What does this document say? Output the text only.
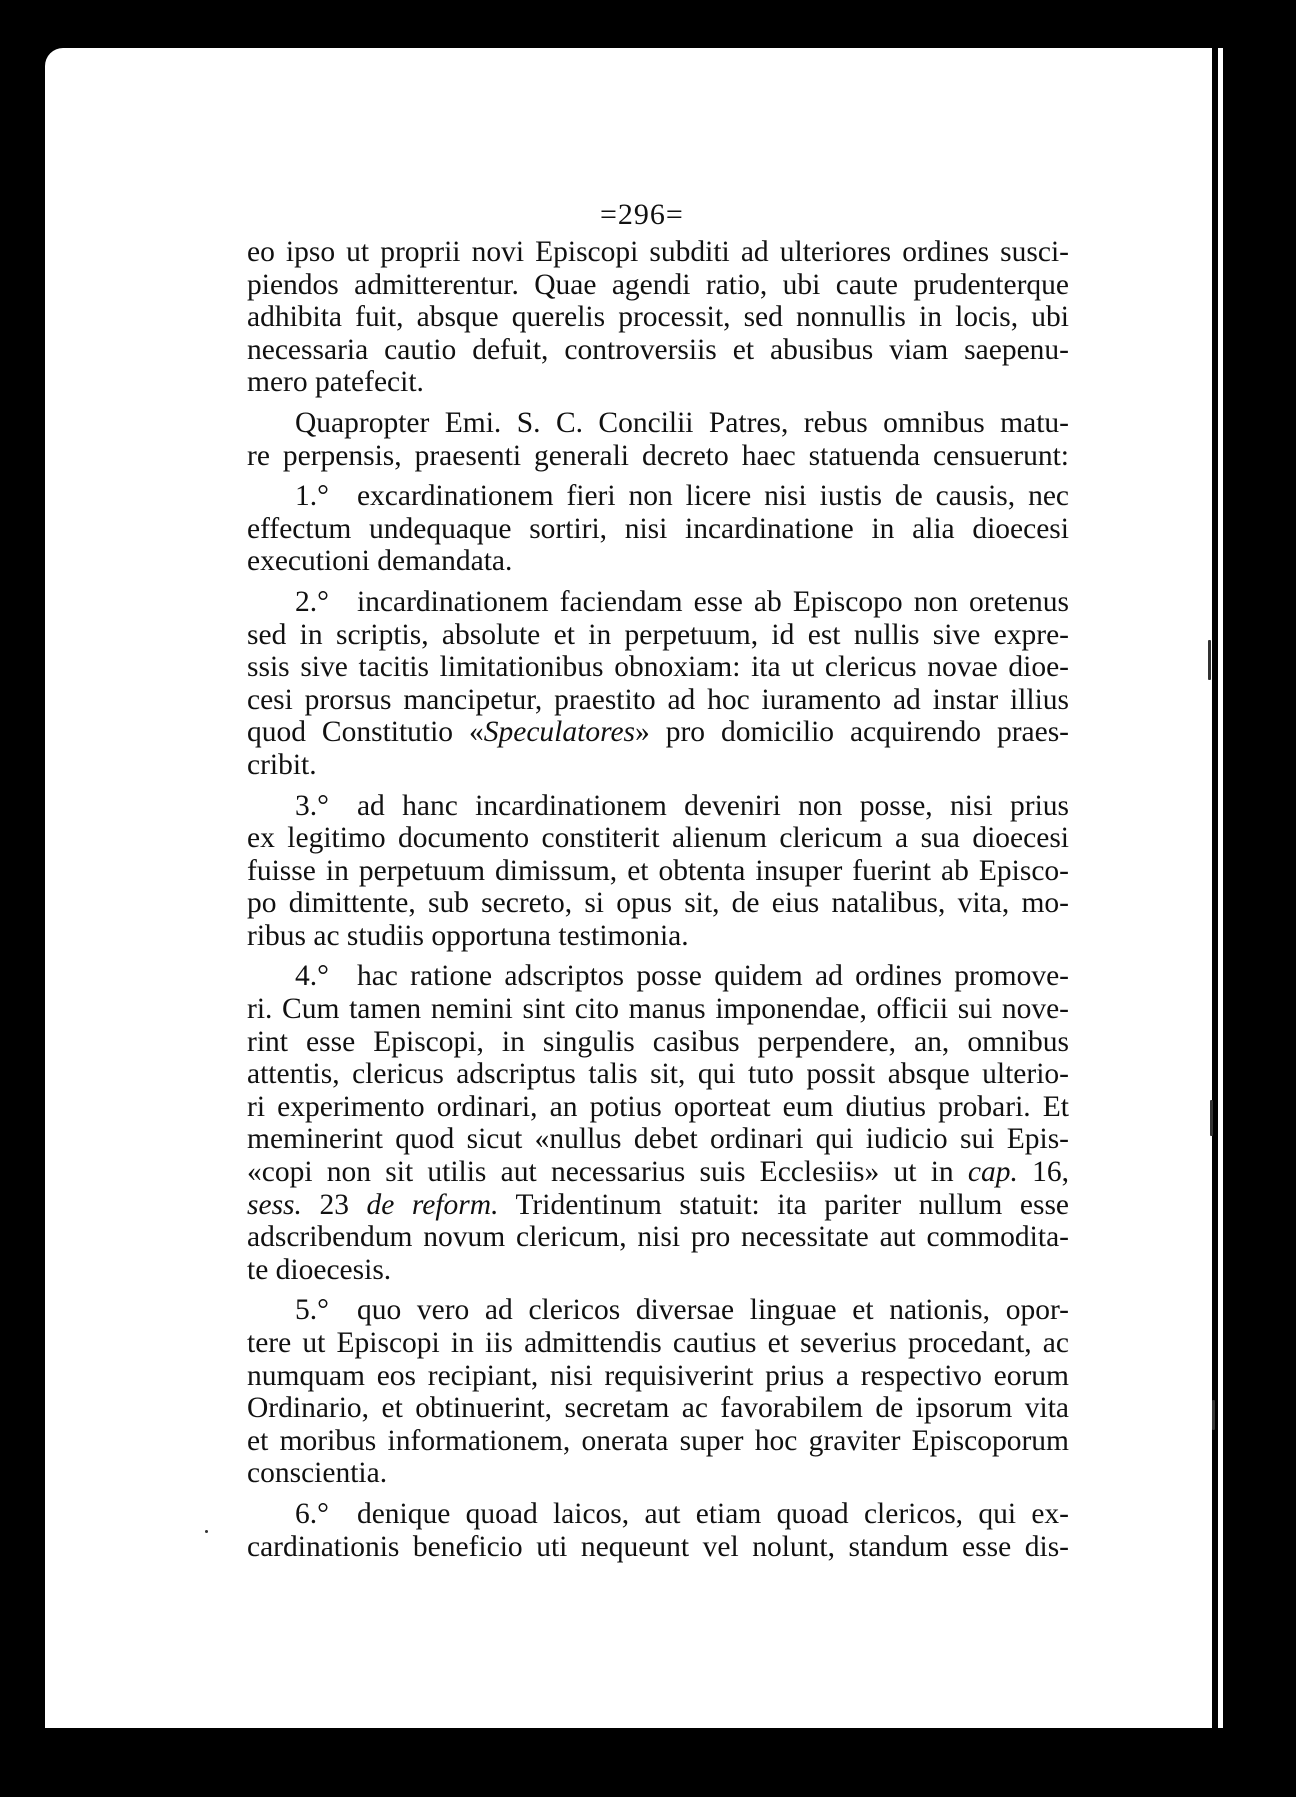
=296=
eo ipso ut proprii novi Episcopi subditi ad ulteriores ordines susci-
piendos admitterentur. Quae agendi ratio, ubi caute prudenterque
adhibita fuit, absque querelis processit, sed nonnullis in locis, ubi
necessaria cautio defuit, controversiis et abusibus viam saepenu-
mero patefecit.
Quapropter Emi. S. C. Concilii Patres, rebus omnibus matu-
re perpensis, praesenti generali decreto haec statuenda censuerunt:
1.° excardinationem fieri non licere nisi iustis de causis, nec
effectum undequaque sortiri, nisi incardinatione in alia dioecesi
executioni demandata.
2.° incardinationem faciendam esse ab Episcopo non oretenus
sed in scriptis, absolute et in perpetuum, id est nullis sive expre-
ssis sive tacitis limitationibus obnoxiam: ita ut clericus novae dioe-
cesi prorsus mancipetur, praestito ad hoc iuramento ad instar illius
quod Constitutio «Speculatores» pro domicilio acquirendo praes-
cribit.
3.° ad hanc incardinationem deveniri non posse, nisi prius
ex legitimo documento constiterit alienum clericum a sua dioecesi
fuisse in perpetuum dimissum, et obtenta insuper fuerint ab Episco-
po dimittente, sub secreto, si opus sit, de eius natalibus, vita, mo-
ribus ac studiis opportuna testimonia.
4.° hac ratione adscriptos posse quidem ad ordines promove-
ri. Cum tamen nemini sint cito manus imponendae, officii sui nove-
rint esse Episcopi, in singulis casibus perpendere, an, omnibus
attentis, clericus adscriptus talis sit, qui tuto possit absque ulterio-
ri experimento ordinari, an potius oporteat eum diutius probari. Et
meminerint quod sicut «nullus debet ordinari qui iudicio sui Epis-
«copi non sit utilis aut necessarius suis Ecclesiis» ut in cap. 16,
sess. 23 de reform. Tridentinum statuit: ita pariter nullum esse
adscribendum novum clericum, nisi pro necessitate aut commodita-
te dioecesis.
5.° quo vero ad clericos diversae linguae et nationis, opor-
tere ut Episcopi in iis admittendis cautius et severius procedant, ac
numquam eos recipiant, nisi requisiverint prius a respectivo eorum
Ordinario, et obtinuerint, secretam ac favorabilem de ipsorum vita
et moribus informationem, onerata super hoc graviter Episcoporum
conscientia.
6.° denique quoad laicos, aut etiam quoad clericos, qui ex-
cardinationis beneficio uti nequeunt vel nolunt, standum esse dis-
